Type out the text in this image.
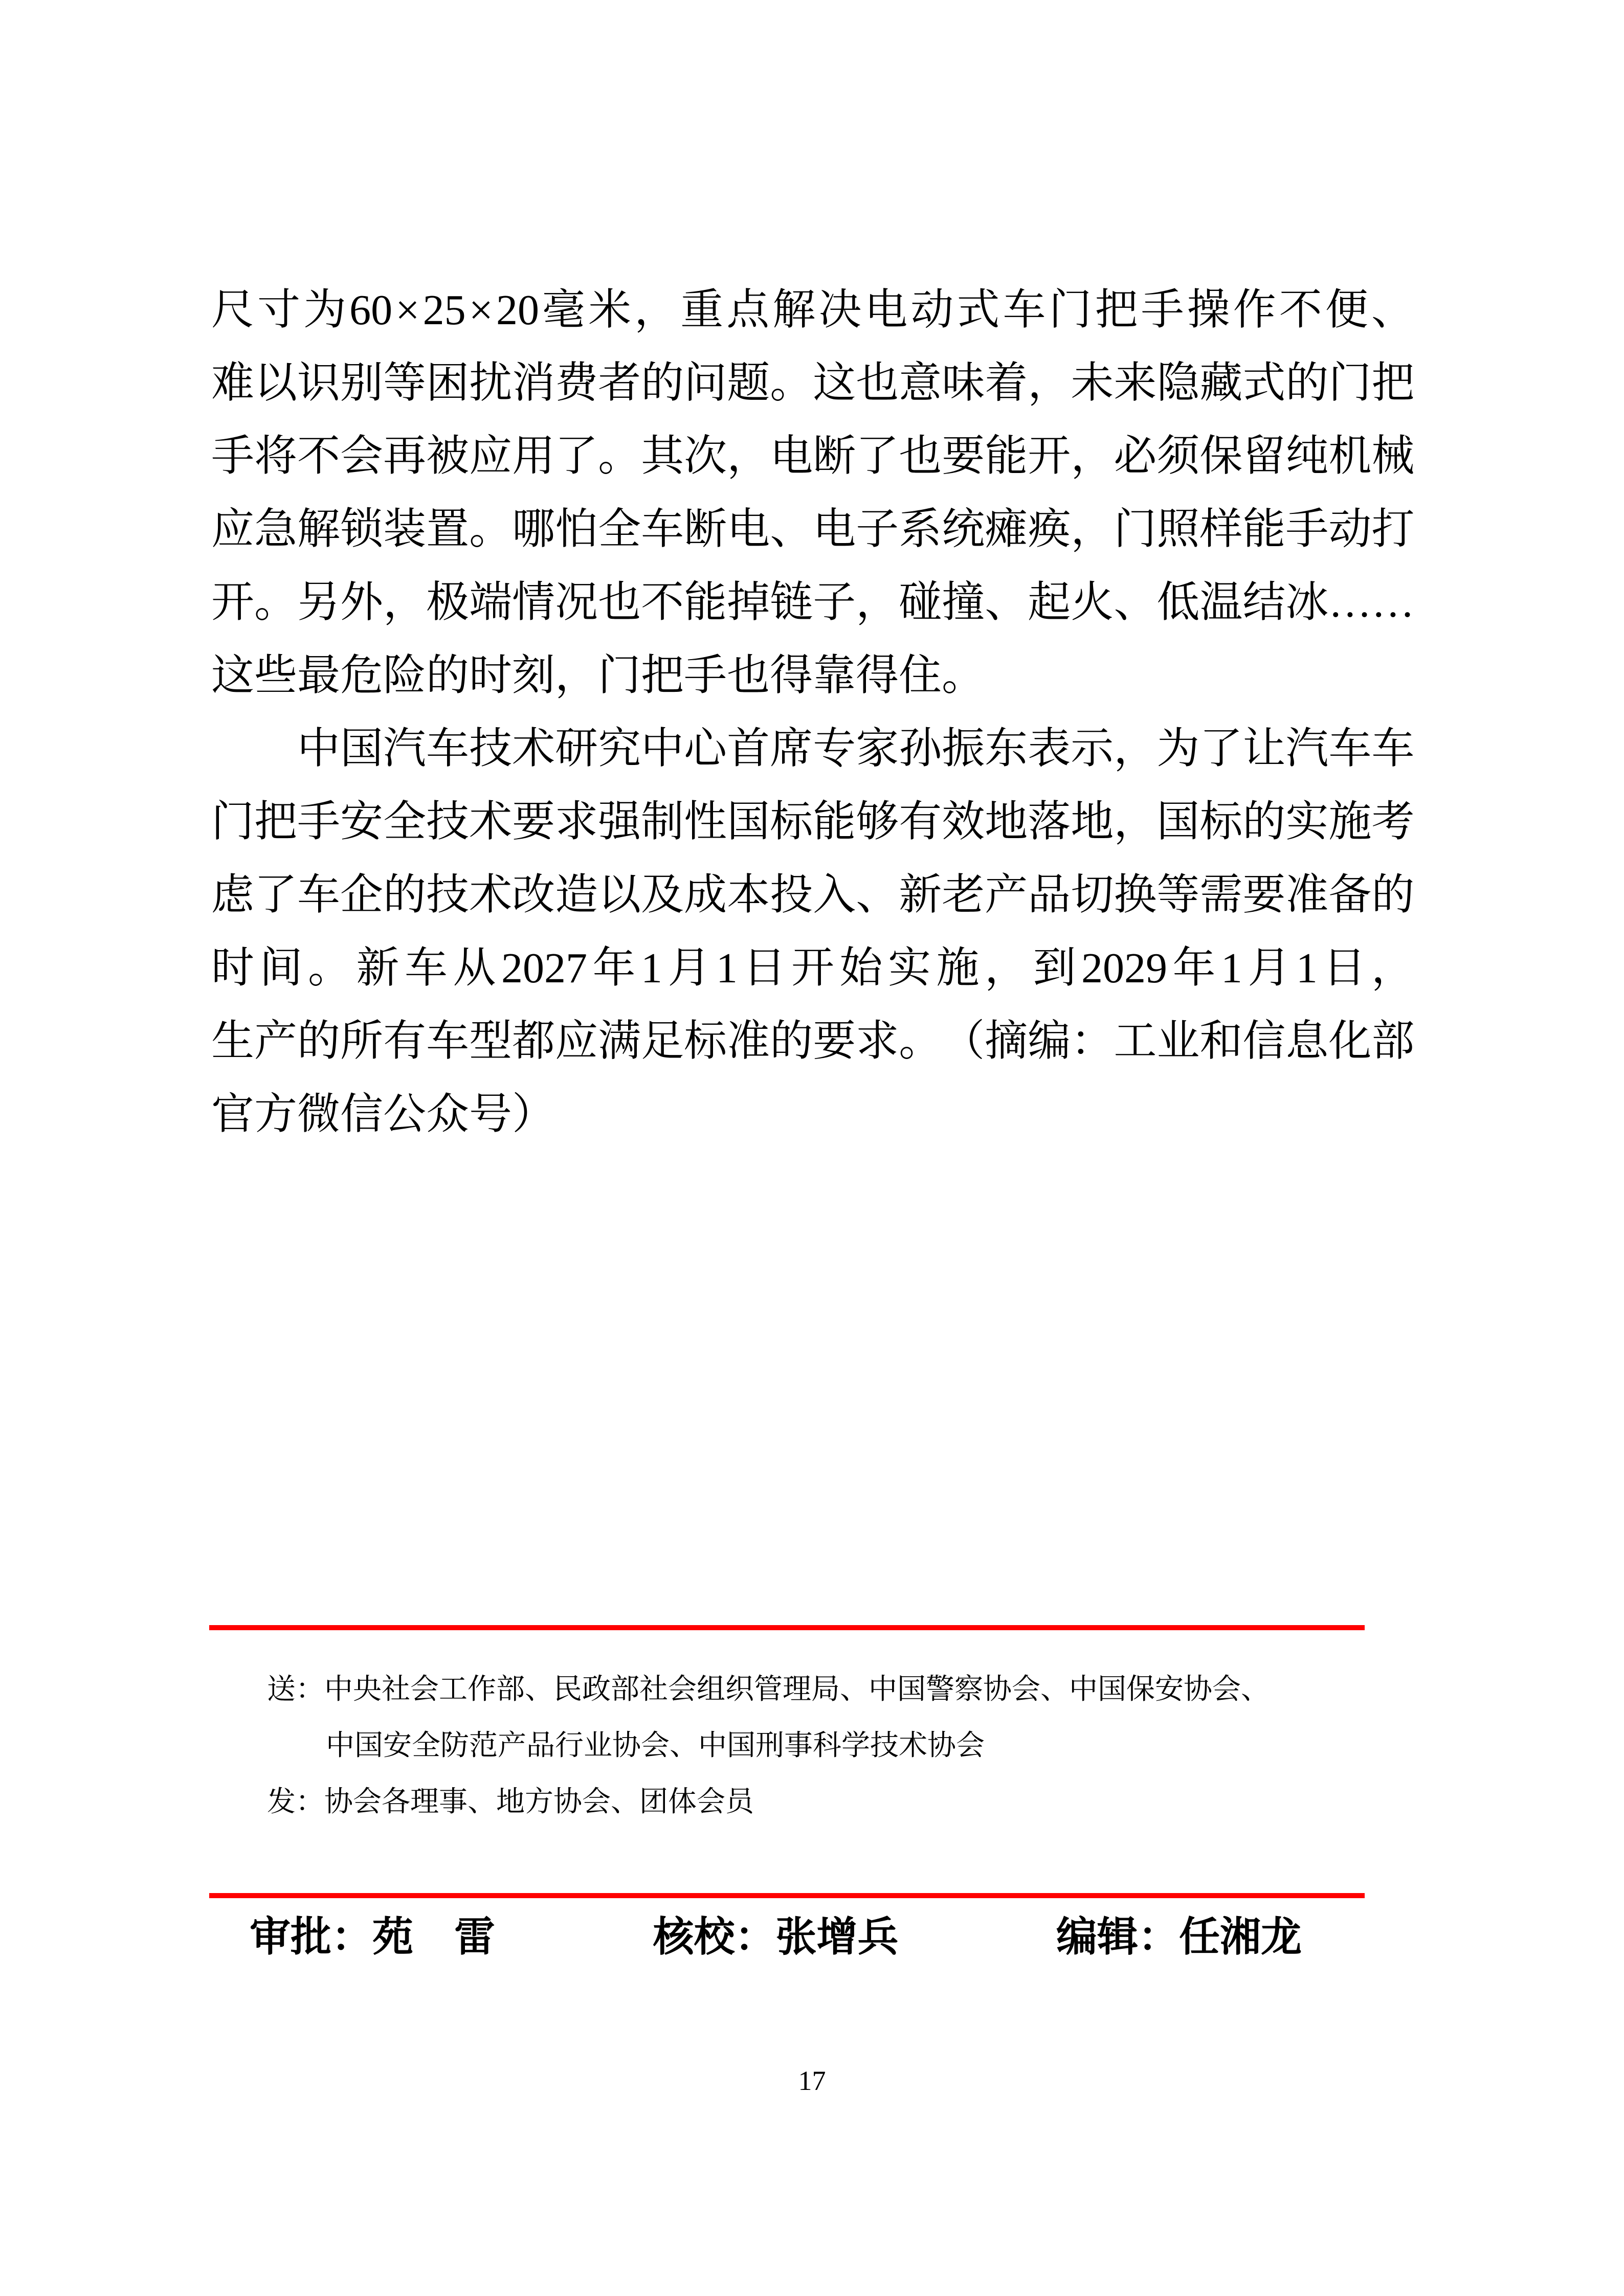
尺 寸 为 60 × 25 × 20 毫 米 ， 重 点 解 决 电 动 式 车 门 把 手 操 作 不 便 、
难 以 识 别 等 困 扰 消 费 者 的 问 题 。 这 也 意 味 着 ， 未 来 隐 藏 式 的 门 把
手 将 不 会 再 被 应 用 了 。 其 次 ， 电 断 了 也 要 能 开 ， 必 须 保 留 纯 机 械
应 急 解 锁 装 置 。 哪 怕 全 车 断 电 、 电 子 系 统 瘫 痪 ， 门 照 样 能 手 动 打
开 。 另 外 ， 极 端 情 况 也 不 能 掉 链 子 ， 碰 撞 、 起 火 、 低 温 结 冰 … …
这些最危险的时刻，门把手也得靠得住。
中 国 汽 车 技 术 研 究 中 心 首 席 专 家 孙 振 东 表 示 ， 为 了 让 汽 车 车
门 把 手 安 全 技 术 要 求 强 制 性 国 标 能 够 有 效 地 落 地 ， 国 标 的 实 施 考
虑 了 车 企 的 技 术 改 造 以 及 成 本 投 入 、 新 老 产 品 切 换 等 需 要 准 备 的
时 间 。 新 车 从 2027 年 1 月 1 日 开 始 实 施 ， 到 2029 年 1 月 1 日 ，
生 产 的 所 有 车 型 都 应 满 足 标 准 的 要 求 。 （ 摘 编 ： 工 业 和 信 息 化 部
官方微信公众号）
送：中央社会工作部、民政部社会组织管理局、中国警察协会、中国保安协会、
中国安全防范产品行业协会、中国刑事科学技术协会
发：协会各理事、地方协会、团体会员
审批：苑　雷	核校：张增兵	编辑：任湘龙
17
